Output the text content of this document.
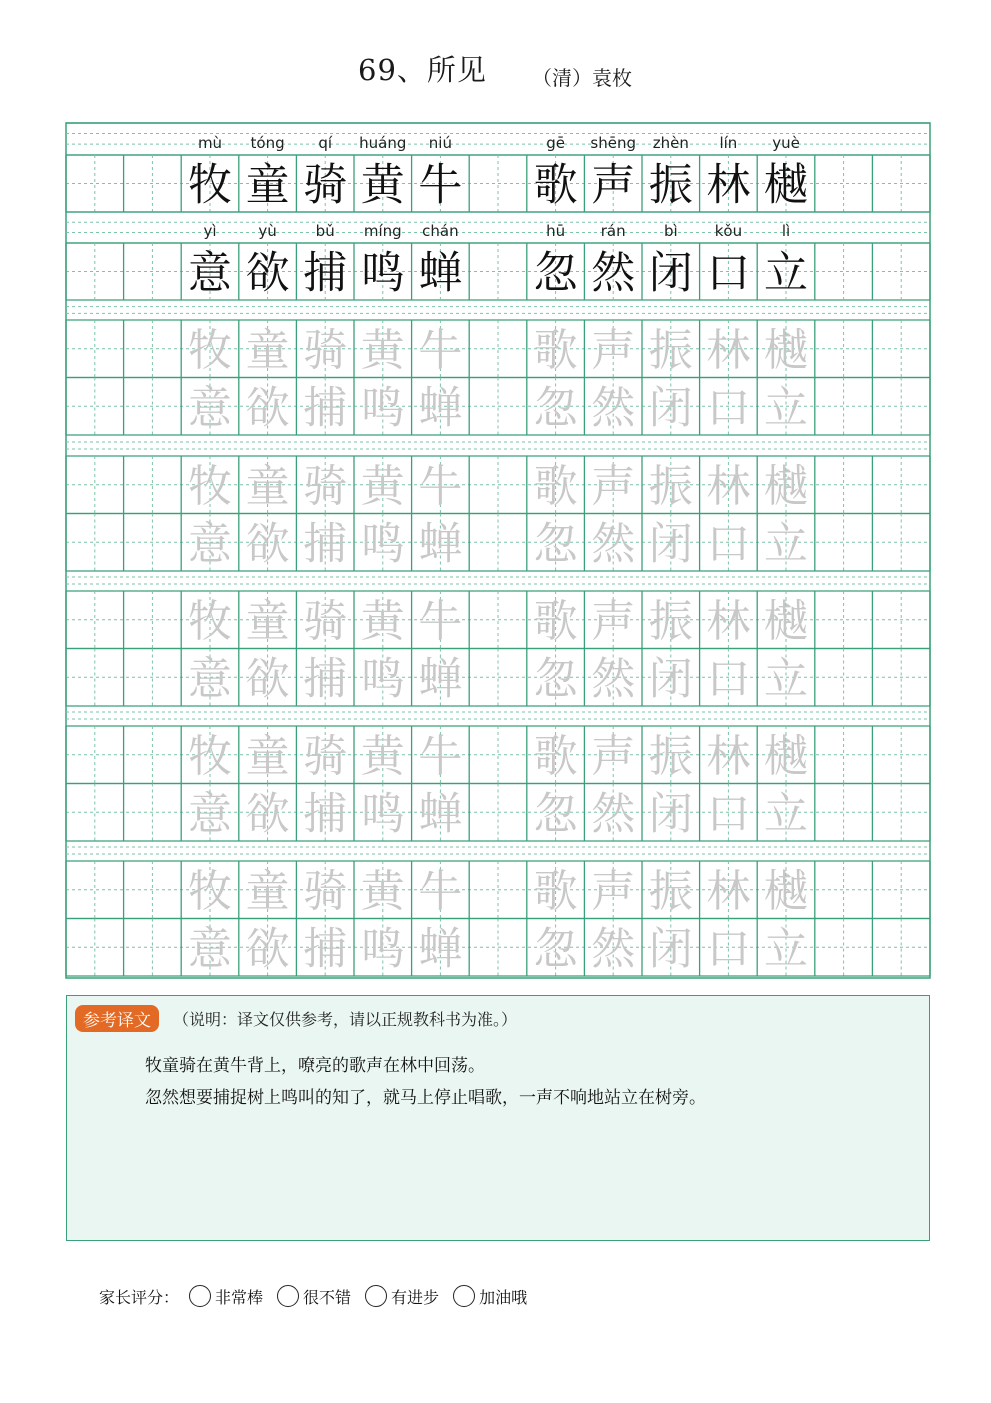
69、所见 （清）袁枚
mù tóng qí huáng niú	gē shēng zhèn lín yuè
牧 童 骑 黄 牛 歌 声 振 林 樾
yì	yù	bǔ míng chán	hū rán	bì kǒu	lì
意 欲 捕 鸣 蝉 忽 然 闭 口 立
牧 童 骑 黄 牛 歌 声 振 林 樾
意 欲 捕 鸣 蝉 忽 然 闭 口 立
牧 童 骑 黄 牛 歌 声 振 林 樾
意 欲 捕 鸣 蝉 忽 然 闭 口 立
牧 童 骑 黄 牛 歌 声 振 林 樾
意 欲 捕 鸣 蝉 忽 然 闭 口 立
牧 童 骑 黄 牛 歌 声 振 林 樾
意 欲 捕 鸣 蝉 忽 然 闭 口 立
牧 童 骑 黄 牛 歌 声 振 林 樾
意 欲 捕 鸣 蝉 忽 然 闭 口 立
参考译文	（说明：译文仅供参考，请以正规教科书为准。）
牧童骑在黄牛背上，嘹亮的歌声在林中回荡。
忽然想要捕捉树上鸣叫的知了，就马上停止唱歌，一声不响地站立在树旁。
家长评分： 非常棒	很不错	有进步	加油哦
